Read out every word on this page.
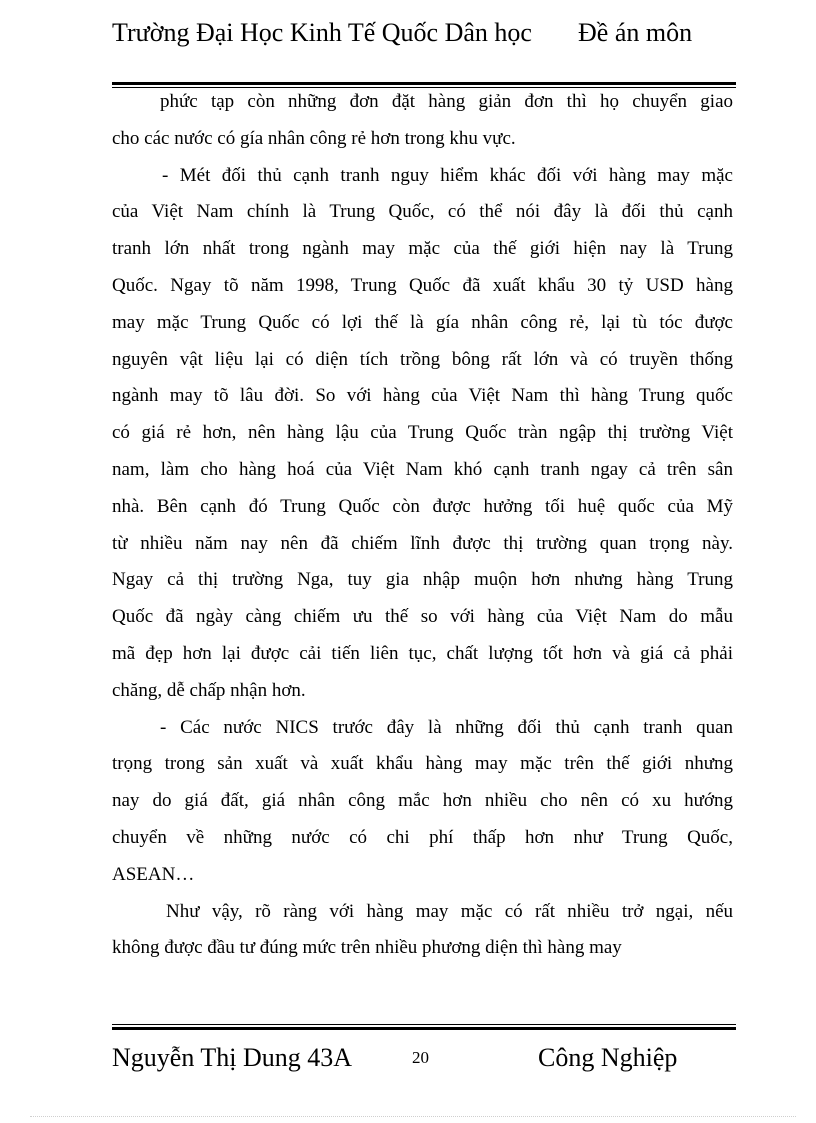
Trường Đại Học Kinh Tế Quốc Dân học	Đề án môn
phức tạp còn những đơn đặt hàng giản đơn thì họ chuyển giao
cho các nước có gía nhân công rẻ hơn trong khu vực.
- Mét đối thủ cạnh tranh nguy hiểm khác đối với hàng may mặc
của Việt Nam chính là Trung Quốc, có thể nói đây là đối thủ cạnh
tranh lớn nhất trong ngành may mặc của thế giới hiện nay là Trung
Quốc. Ngay tõ năm 1998, Trung Quốc đã xuất khẩu 30 tỷ USD hàng
may mặc Trung Quốc có lợi thế là gía nhân công rẻ, lại tù tóc được
nguyên vật liệu lại có diện tích trồng bông rất lớn và có truyền thống
ngành may tõ lâu đời. So với hàng của Việt Nam thì hàng Trung quốc
có giá rẻ hơn, nên hàng lậu của Trung Quốc tràn ngập thị trường Việt
nam, làm cho hàng hoá của Việt Nam khó cạnh tranh ngay cả trên sân
nhà. Bên cạnh đó Trung Quốc còn được hưởng tối huệ quốc của Mỹ
từ nhiều năm nay nên đã chiếm lĩnh được thị trường quan trọng này.
Ngay cả thị trường Nga, tuy gia nhập muộn hơn nhưng hàng Trung
Quốc đã ngày càng chiếm ưu thế so với hàng của Việt Nam do mẫu
mã đẹp hơn lại được cải tiến liên tục, chất lượng tốt hơn và giá cả phải
chăng, dễ chấp nhận hơn.
- Các nước NICS trước đây là những đối thủ cạnh tranh quan
trọng trong sản xuất và xuất khẩu hàng may mặc trên thế giới nhưng
nay do giá đất, giá nhân công mắc hơn nhiều cho nên có xu hướng
chuyển về những nước có chi phí thấp hơn như Trung Quốc,
ASEAN…
Như vậy, rõ ràng với hàng may mặc có rất nhiều trở ngại, nếu
không được đầu tư đúng mức trên nhiều phương diện thì hàng may
Nguyễn Thị Dung 43A	20	Công Nghiệp
